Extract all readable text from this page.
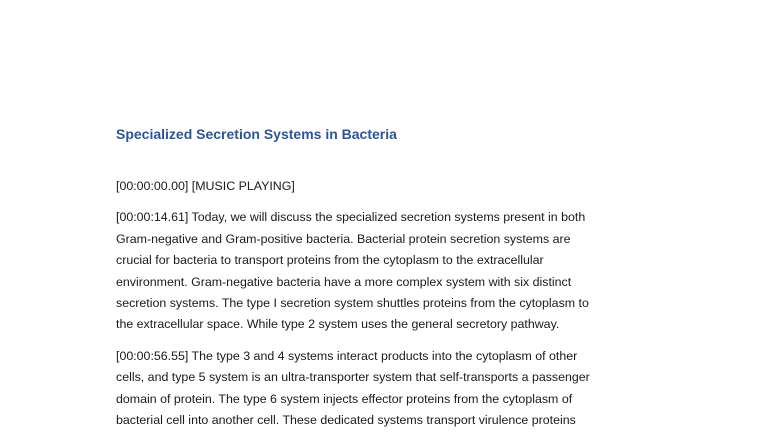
Specialized Secretion Systems in Bacteria

[00:00:00.00] [MUSIC PLAYING]

[00:00:14.61] Today, we will discuss the specialized secretion systems present in both
Gram-negative and Gram-positive bacteria. Bacterial protein secretion systems are
crucial for bacteria to transport proteins from the cytoplasm to the extracellular
environment. Gram-negative bacteria have a more complex system with six distinct
secretion systems. The type I secretion system shuttles proteins from the cytoplasm to
the extracellular space. While type 2 system uses the general secretory pathway.

[00:00:56.55] The type 3 and 4 systems interact products into the cytoplasm of other
cells, and type 5 system is an ultra-transporter system that self-transports a passenger
domain of protein. The type 6 system injects effector proteins from the cytoplasm of
bacterial cell into another cell. These dedicated systems transport virulence proteins
